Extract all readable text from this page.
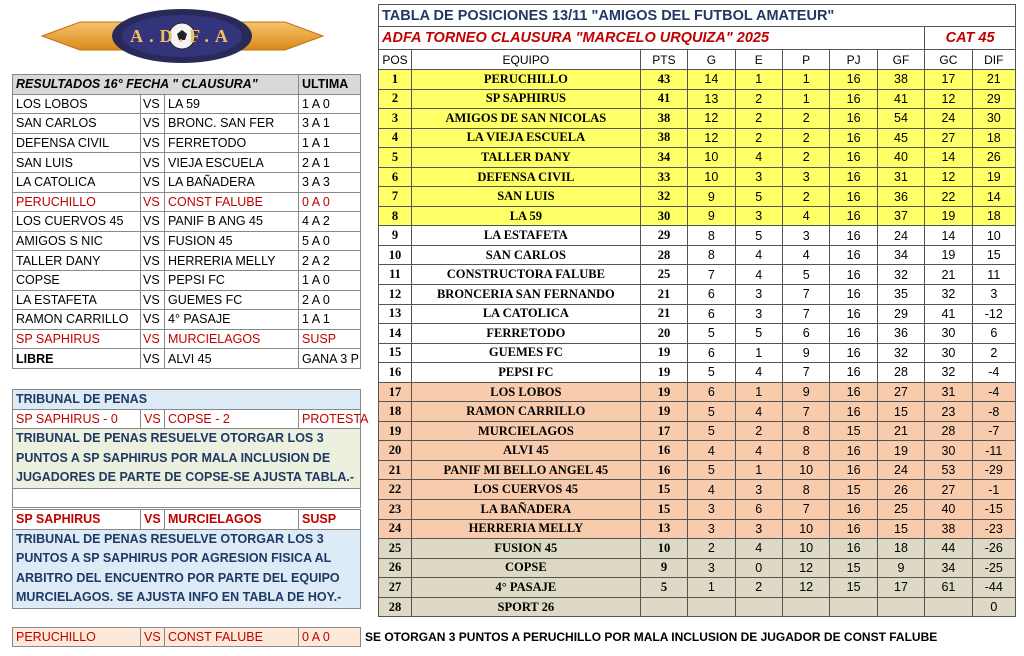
A.D.F.A
RESULTADOS 16° FECHA " CLAUSURA"			ULTIMA
LOS LOBOS	VS	LA 59	1 A 0
SAN CARLOS	VS	BRONC. SAN FER	3 A 1
DEFENSA CIVIL	VS	FERRETODO	1 A 1
SAN LUIS	VS	VIEJA ESCUELA	2 A 1
LA CATOLICA	VS	LA BAÑADERA	3 A 3
PERUCHILLO	VS	CONST FALUBE	0 A 0
LOS CUERVOS 45	VS	PANIF B ANG 45	4 A 2
AMIGOS S NIC	VS	FUSION 45	5 A 0
TALLER DANY	VS	HERRERIA MELLY	2 A 2
COPSE	VS	PEPSI FC	1 A 0
LA ESTAFETA	VS	GUEMES FC	2 A 0
RAMON CARRILLO	VS	4° PASAJE	1 A 1
SP SAPHIRUS	VS	MURCIELAGOS	SUSP
LIBRE	VS	ALVI 45	GANA 3 P
TRIBUNAL DE PENAS
SP SAPHIRUS - 0	VS	COPSE - 2	PROTESTA
TRIBUNAL DE PENAS RESUELVE OTORGAR LOS 3 PUNTOS A SP SAPHIRUS POR MALA INCLUSION DE JUGADORES DE PARTE DE COPSE-SE AJUSTA TABLA.-

SP SAPHIRUS	VS	MURCIELAGOS	SUSP
TRIBUNAL DE PENAS RESUELVE OTORGAR LOS 3 PUNTOS A SP SAPHIRUS POR AGRESION FISICA AL ARBITRO DEL ENCUENTRO POR PARTE DEL EQUIPO MURCIELAGOS. SE AJUSTA INFO EN TABLA DE HOY.-
PERUCHILLO	VS	CONST FALUBE	0 A 0	SE OTORGAN 3 PUNTOS A PERUCHILLO POR MALA INCLUSION DE JUGADOR DE CONST FALUBE
TABLA DE POSICIONES 13/11 "AMIGOS DEL FUTBOL AMATEUR"									
ADFA TORNEO CLAUSURA "MARCELO URQUIZA" 2025								CAT 45	
POS	EQUIPO	PTS	G	E	P	PJ	GF	GC	DIF
1	PERUCHILLO	43	14	1	1	16	38	17	21
2	SP SAPHIRUS	41	13	2	1	16	41	12	29
3	AMIGOS DE SAN NICOLAS	38	12	2	2	16	54	24	30
4	LA VIEJA ESCUELA	38	12	2	2	16	45	27	18
5	TALLER DANY	34	10	4	2	16	40	14	26
6	DEFENSA CIVIL	33	10	3	3	16	31	12	19
7	SAN LUIS	32	9	5	2	16	36	22	14
8	LA 59	30	9	3	4	16	37	19	18
9	LA ESTAFETA	29	8	5	3	16	24	14	10
10	SAN CARLOS	28	8	4	4	16	34	19	15
11	CONSTRUCTORA FALUBE	25	7	4	5	16	32	21	11
12	BRONCERIA SAN FERNANDO	21	6	3	7	16	35	32	3
13	LA CATOLICA	21	6	3	7	16	29	41	-12
14	FERRETODO	20	5	5	6	16	36	30	6
15	GUEMES FC	19	6	1	9	16	32	30	2
16	PEPSI FC	19	5	4	7	16	28	32	-4
17	LOS LOBOS	19	6	1	9	16	27	31	-4
18	RAMON CARRILLO	19	5	4	7	16	15	23	-8
19	MURCIELAGOS	17	5	2	8	15	21	28	-7
20	ALVI 45	16	4	4	8	16	19	30	-11
21	PANIF MI BELLO ANGEL 45	16	5	1	10	16	24	53	-29
22	LOS CUERVOS 45	15	4	3	8	15	26	27	-1
23	LA BAÑADERA	15	3	6	7	16	25	40	-15
24	HERRERIA MELLY	13	3	3	10	16	15	38	-23
25	FUSION 45	10	2	4	10	16	18	44	-26
26	COPSE	9	3	0	12	15	9	34	-25
27	4° PASAJE	5	1	2	12	15	17	61	-44
28	SPORT 26								0
